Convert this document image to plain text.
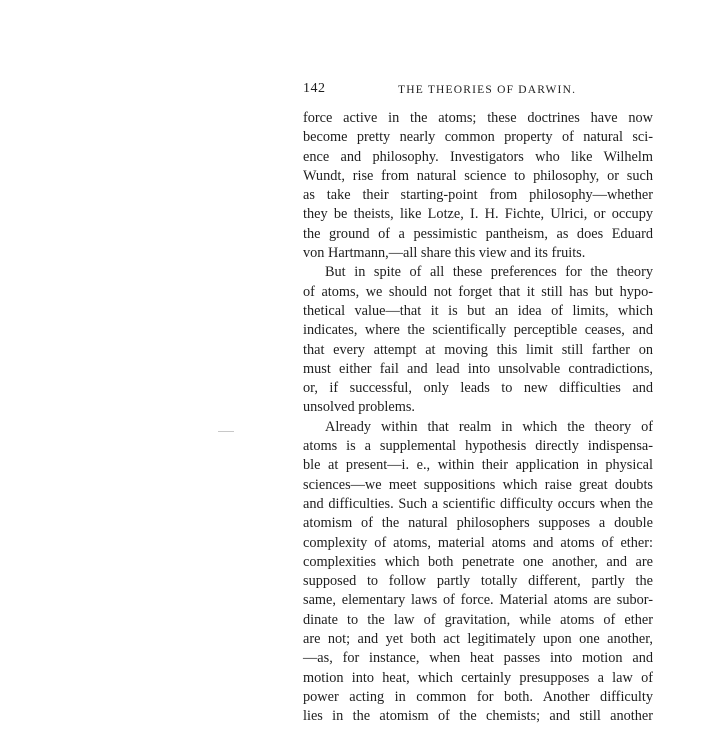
142	THE THEORIES OF DARWIN.
force active in the atoms; these doctrines have now
become pretty nearly common property of natural sci-
ence and philosophy. Investigators who like Wilhelm
Wundt, rise from natural science to philosophy, or such
as take their starting-point from philosophy—whether
they be theists, like Lotze, I. H. Fichte, Ulrici, or occupy
the ground of a pessimistic pantheism, as does Eduard
von Hartmann,—all share this view and its fruits.
But in spite of all these preferences for the theory
of atoms, we should not forget that it still has but hypo-
thetical value—that it is but an idea of limits, which
indicates, where the scientifically perceptible ceases, and
that every attempt at moving this limit still farther on
must either fail and lead into unsolvable contradictions,
or, if successful, only leads to new difficulties and
unsolved problems.
Already within that realm in which the theory of
atoms is a supplemental hypothesis directly indispensa-
ble at present—i. e., within their application in physical
sciences—we meet suppositions which raise great doubts
and difficulties. Such a scientific difficulty occurs when the
atomism of the natural philosophers supposes a double
complexity of atoms, material atoms and atoms of ether:
complexities which both penetrate one another, and are
supposed to follow partly totally different, partly the
same, elementary laws of force. Material atoms are subor-
dinate to the law of gravitation, while atoms of ether
are not; and yet both act legitimately upon one another,
—as, for instance, when heat passes into motion and
motion into heat, which certainly presupposes a law of
power acting in common for both. Another difficulty
lies in the atomism of the chemists; and still another
